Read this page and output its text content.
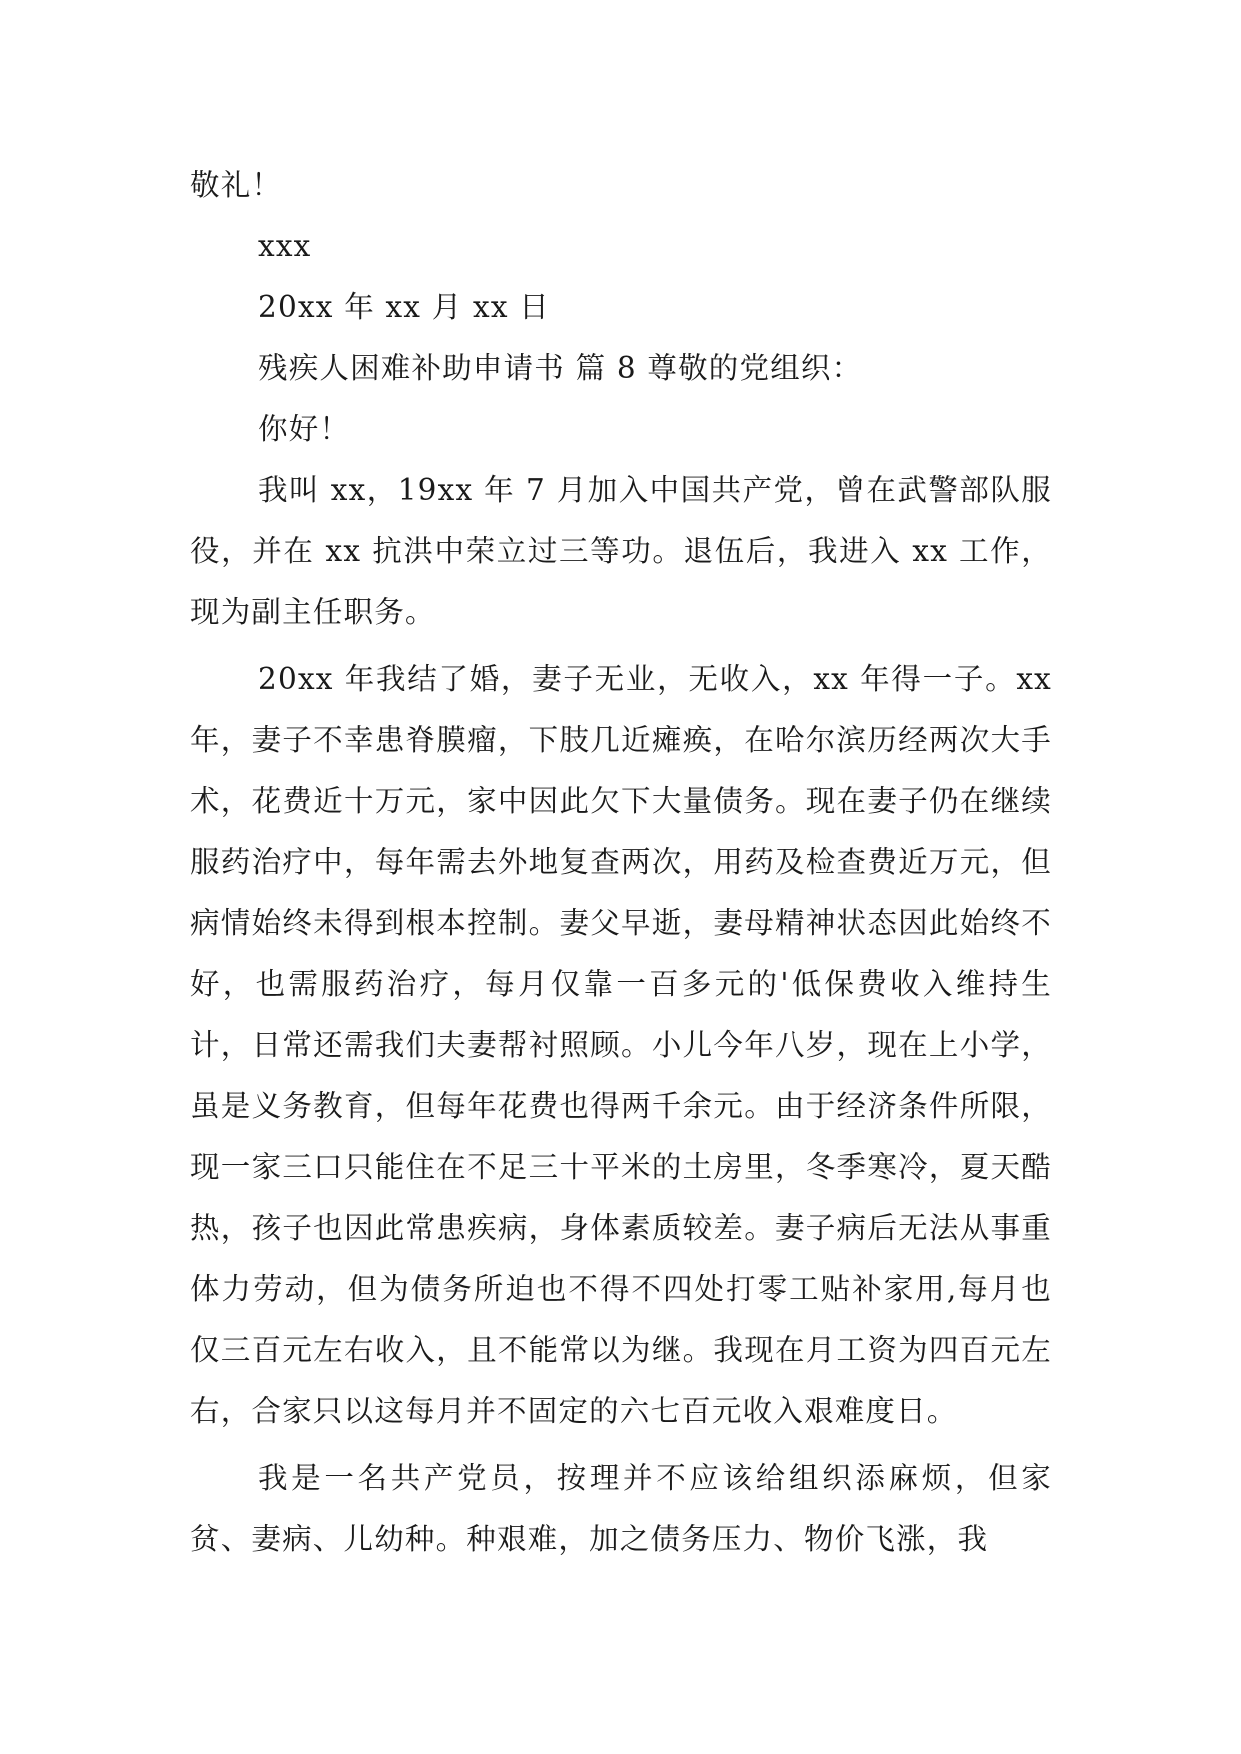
敬礼！

xxx

20xx 年 xx 月 xx 日

残疾人困难补助申请书 篇 8 尊敬的党组织：

你好！

我叫 xx，19xx 年 7 月加入中国共产党，曾在武警部队服役，并在 xx 抗洪中荣立过三等功。退伍后，我进入 xx 工作，现为副主任职务。

20xx 年我结了婚，妻子无业，无收入，xx 年得一子。xx 年，妻子不幸患脊膜瘤，下肢几近瘫痪，在哈尔滨历经两次大手术，花费近十万元，家中因此欠下大量债务。现在妻子仍在继续服药治疗中，每年需去外地复查两次，用药及检查费近万元，但病情始终未得到根本控制。妻父早逝，妻母精神状态因此始终不好，也需服药治疗，每月仅靠一百多元的'低保费收入维持生计，日常还需我们夫妻帮衬照顾。小儿今年八岁，现在上小学，虽是义务教育，但每年花费也得两千余元。由于经济条件所限，现一家三口只能住在不足三十平米的土房里，冬季寒冷，夏天酷热，孩子也因此常患疾病，身体素质较差。妻子病后无法从事重体力劳动，但为债务所迫也不得不四处打零工贴补家用,每月也仅三百元左右收入，且不能常以为继。我现在月工资为四百元左右，合家只以这每月并不固定的六七百元收入艰难度日。

我是一名共产党员，按理并不应该给组织添麻烦，但家贫、妻病、儿幼种。种艰难，加之债务压力、物价飞涨，我
